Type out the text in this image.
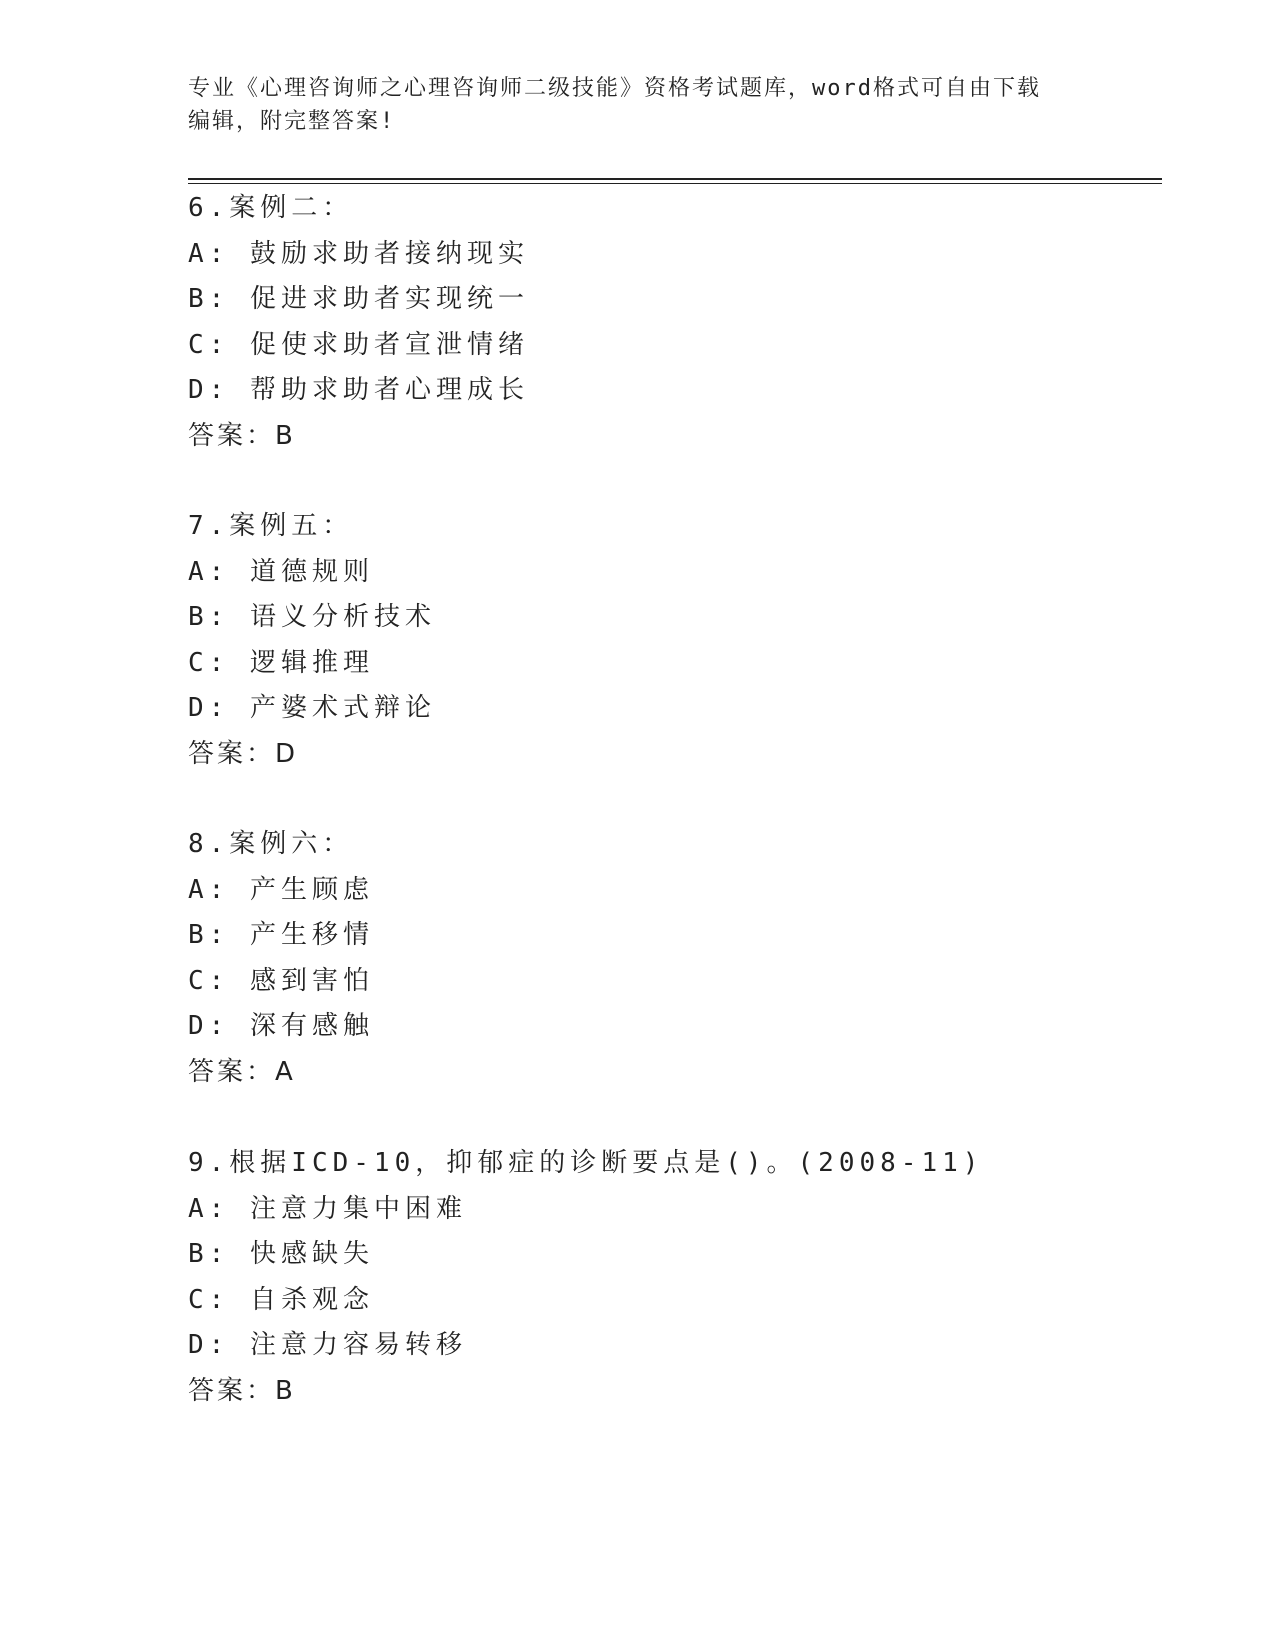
专业《心理咨询师之心理咨询师二级技能》资格考试题库，word格式可自由下载
编辑，附完整答案!
6.案例二：
A: 鼓励求助者接纳现实
B: 促进求助者实现统一
C: 促使求助者宣泄情绪
D: 帮助求助者心理成长
答案：B
7.案例五：
A: 道德规则
B: 语义分析技术
C: 逻辑推理
D: 产婆术式辩论
答案：D
8.案例六：
A: 产生顾虑
B: 产生移情
C: 感到害怕
D: 深有感触
答案：A
9.根据ICD-10，抑郁症的诊断要点是()。(2008-11)
A: 注意力集中困难
B: 快感缺失
C: 自杀观念
D: 注意力容易转移
答案：B
